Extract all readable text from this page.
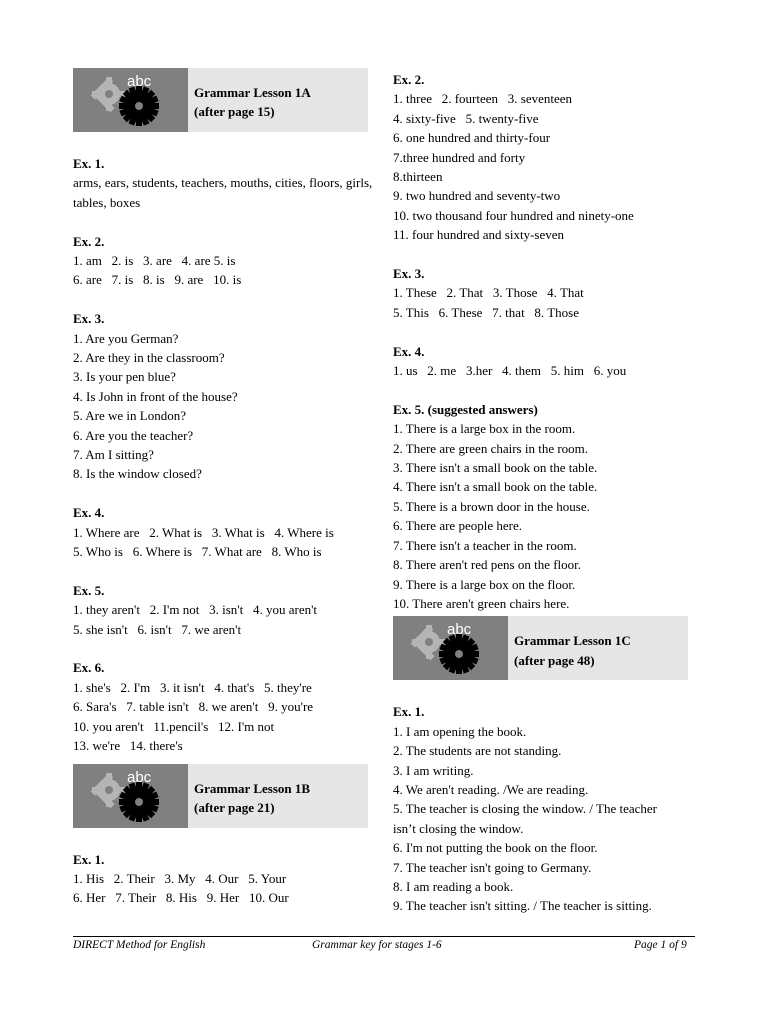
abc
Grammar Lesson 1A
(after page 15)
Ex. 1.
arms, ears, students, teachers, mouths, cities, floors, girls, tables, boxes
Ex. 2.
1. am   2. is   3. are   4. are 5. is
6. are   7. is   8. is   9. are   10. is
Ex. 3.
1. Are you German?
2. Are they in the classroom?
3. Is your pen blue?
4. Is John in front of the house?
5. Are we in London?
6. Are you the teacher?
7. Am I sitting?
8. Is the window closed?
Ex. 4.
1. Where are   2. What is   3. What is   4. Where is
5. Who is   6. Where is   7. What are   8. Who is
Ex. 5.
1. they aren't   2. I'm not   3. isn't   4. you aren't
5. she isn't   6. isn't   7. we aren't
Ex. 6.
1. she's   2. I'm   3. it isn't   4. that's   5. they're
6. Sara's   7. table isn't   8. we aren't   9. you're
10. you aren't   11.pencil's   12. I'm not
13. we're   14. there's
abc
Grammar Lesson 1B
(after page 21)
Ex. 1.
1. His   2. Their   3. My   4. Our   5. Your
6. Her   7. Their   8. His   9. Her   10. Our
Ex. 2.
1. three   2. fourteen   3. seventeen
4. sixty-five   5. twenty-five
6. one hundred and thirty-four
7.three hundred and forty
8.thirteen
9. two hundred and seventy-two
10. two thousand four hundred and ninety-one
11. four hundred and sixty-seven
Ex. 3.
1. These   2. That   3. Those   4. That
5. This   6. These   7. that   8. Those
Ex. 4.
1. us   2. me   3.her   4. them   5. him   6. you
Ex. 5. (suggested answers)
1. There is a large box in the room.
2. There are green chairs in the room.
3. There isn't a small book on the table.
4. There isn't a small book on the table.
5. There is a brown door in the house.
6. There are people here.
7. There isn't a teacher in the room.
8. There aren't red pens on the floor.
9. There is a large box on the floor.
10. There aren't green chairs here.
abc
Grammar Lesson 1C
(after page 48)
Ex. 1.
1. I am opening the book.
2. The students are not standing.
3. I am writing.
4. We aren't reading. /We are reading.
5. The teacher is closing the window. / The teacher
isn’t closing the window.
6. I'm not putting the book on the floor.
7. The teacher isn't going to Germany.
8. I am reading a book.
9. The teacher isn't sitting. / The teacher is sitting.
DIRECT Method for English	Grammar key for stages 1-6	Page 1 of 9
